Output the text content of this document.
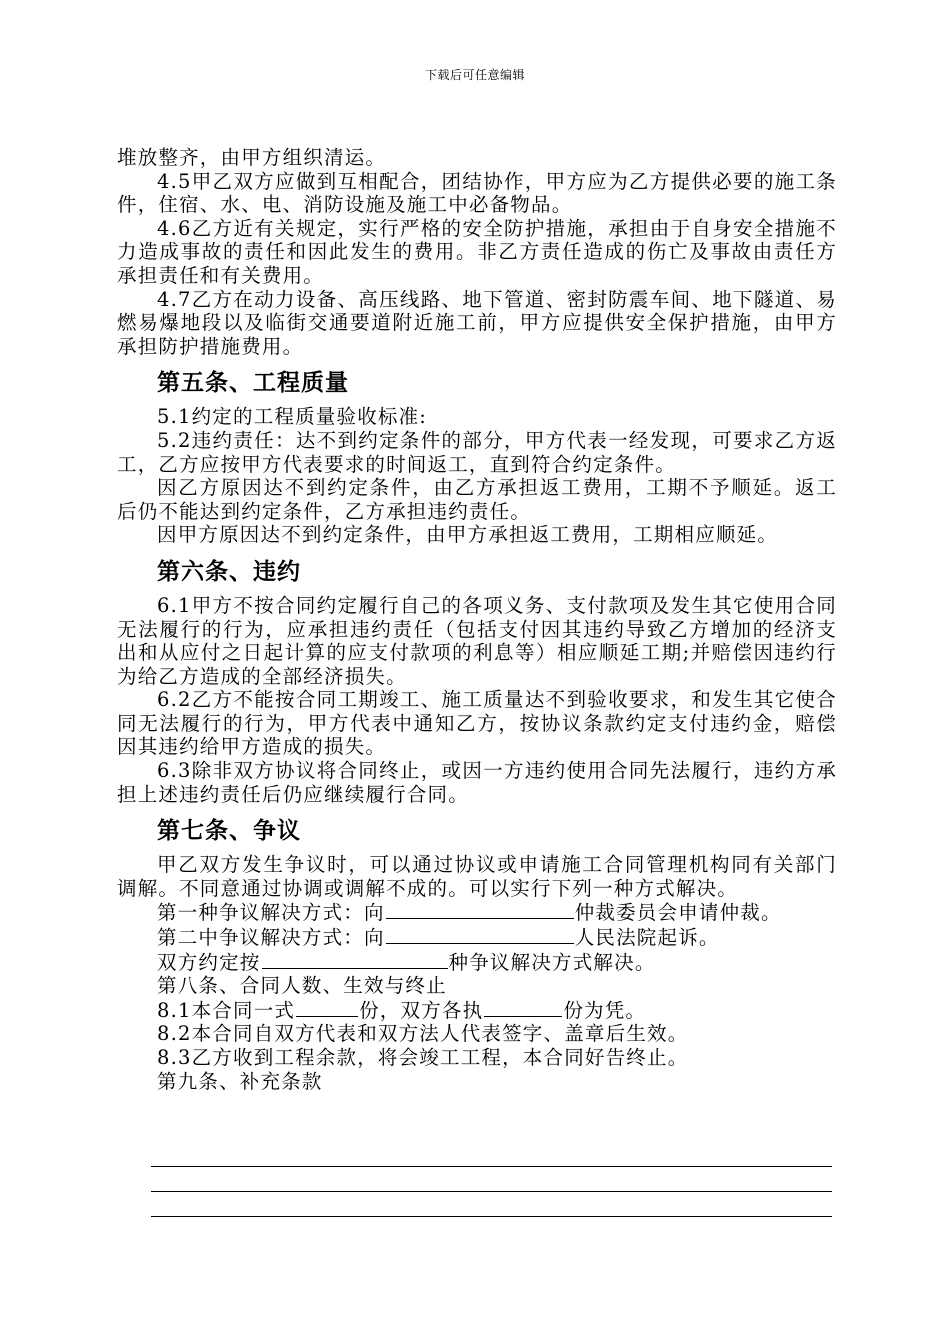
下载后可任意编辑

堆放整齐，由甲方组织清运。

4.5甲乙双方应做到互相配合，团结协作，甲方应为乙方提供必要的施工条件，住宿、水、电、消防设施及施工中必备物品。

4.6乙方近有关规定，实行严格的安全防护措施，承担由于自身安全措施不力造成事故的责任和因此发生的费用。非乙方责任造成的伤亡及事故由责任方承担责任和有关费用。

4.7乙方在动力设备、高压线路、地下管道、密封防震车间、地下隧道、易燃易爆地段以及临街交通要道附近施工前，甲方应提供安全保护措施，由甲方承担防护措施费用。

第五条、工程质量

5.1约定的工程质量验收标准:

5.2违约责任：达不到约定条件的部分，甲方代表一经发现，可要求乙方返工，乙方应按甲方代表要求的时间返工，直到符合约定条件。

因乙方原因达不到约定条件，由乙方承担返工费用，工期不予顺延。返工后仍不能达到约定条件，乙方承担违约责任。

因甲方原因达不到约定条件，由甲方承担返工费用，工期相应顺延。

第六条、违约

6.1甲方不按合同约定履行自己的各项义务、支付款项及发生其它使用合同无法履行的行为，应承担违约责任（包括支付因其违约导致乙方增加的经济支出和从应付之日起计算的应支付款项的利息等）相应顺延工期;并赔偿因违约行为给乙方造成的全部经济损失。

6.2乙方不能按合同工期竣工、施工质量达不到验收要求，和发生其它使合同无法履行的行为，甲方代表中通知乙方，按协议条款约定支付违约金，赔偿因其违约给甲方造成的损失。

6.3除非双方协议将合同终止，或因一方违约使用合同先法履行，违约方承担上述违约责任后仍应继续履行合同。

第七条、争议

甲乙双方发生争议时，可以通过协议或申请施工合同管理机构同有关部门调解。不同意通过协调或调解不成的。可以实行下列一种方式解决。

第一种争议解决方式：向	仲裁委员会申请仲裁。

第二中争议解决方式：向	人民法院起诉。

双方约定按	种争议解决方式解决。

第八条、合同人数、生效与终止

8.1本合同一式	份，双方各执	份为凭。

8.2本合同自双方代表和双方法人代表签字、盖章后生效。

8.3乙方收到工程余款，将会竣工工程，本合同好告终止。

第九条、补充条款
